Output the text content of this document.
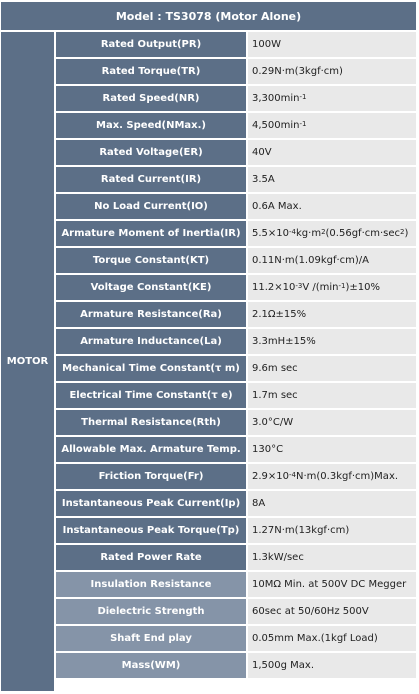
Model : TS3078 (Motor Alone)
MOTOR
Rated Output(PR)	100W
Rated Torque(TR)	0.29N·m(3kgf·cm)
Rated Speed(NR)	$3,300\min^{-1}$
Max. Speed(NMax.)	$4,500\min^{-1}$
Rated Voltage(ER)	40V
Rated Current(IR)	3.5A
No Load Current(IO)	0.6A Max.
Armature Moment of Inertia(IR)	$5.5\times 10^{-4}$ $kg\cdot m^2$ ($0.56gf\cdot cm\cdot\sec^2$ )
Torque Constant(KT)	0.11N·m(1.09kgf·cm)/A
Voltage Constant(KE)	$11.2\times 10^{-3}$ V $/(\min^{-1}$ )±10%
Armature Resistance(Ra)	2.1Ω±15%
Armature Inductance(La)	3.3mH±15%
Mechanical Time Constant(τ m)	9.6m sec
Electrical Time Constant(τ e)	1.7m sec
Thermal Resistance(Rth)	3.0°C/W
Allowable Max. Armature Temp.	130°C
Friction Torque(Fr)	$2.9\times 10^{-4}$ N·m(0.3kgf·cm)Max.
Instantaneous Peak Current(Ip)	8A
Instantaneous Peak Torque(Tp)	1.27N·m(13kgf·cm)
Rated Power Rate	1.3kW/sec
Insulation Resistance	10MΩ Min. at 500V DC Megger
Dielectric Strength	60sec at 50/60Hz 500V
Shaft End play	0.05mm Max.(1kgf Load)
Mass(WM)	1,500g Max.
